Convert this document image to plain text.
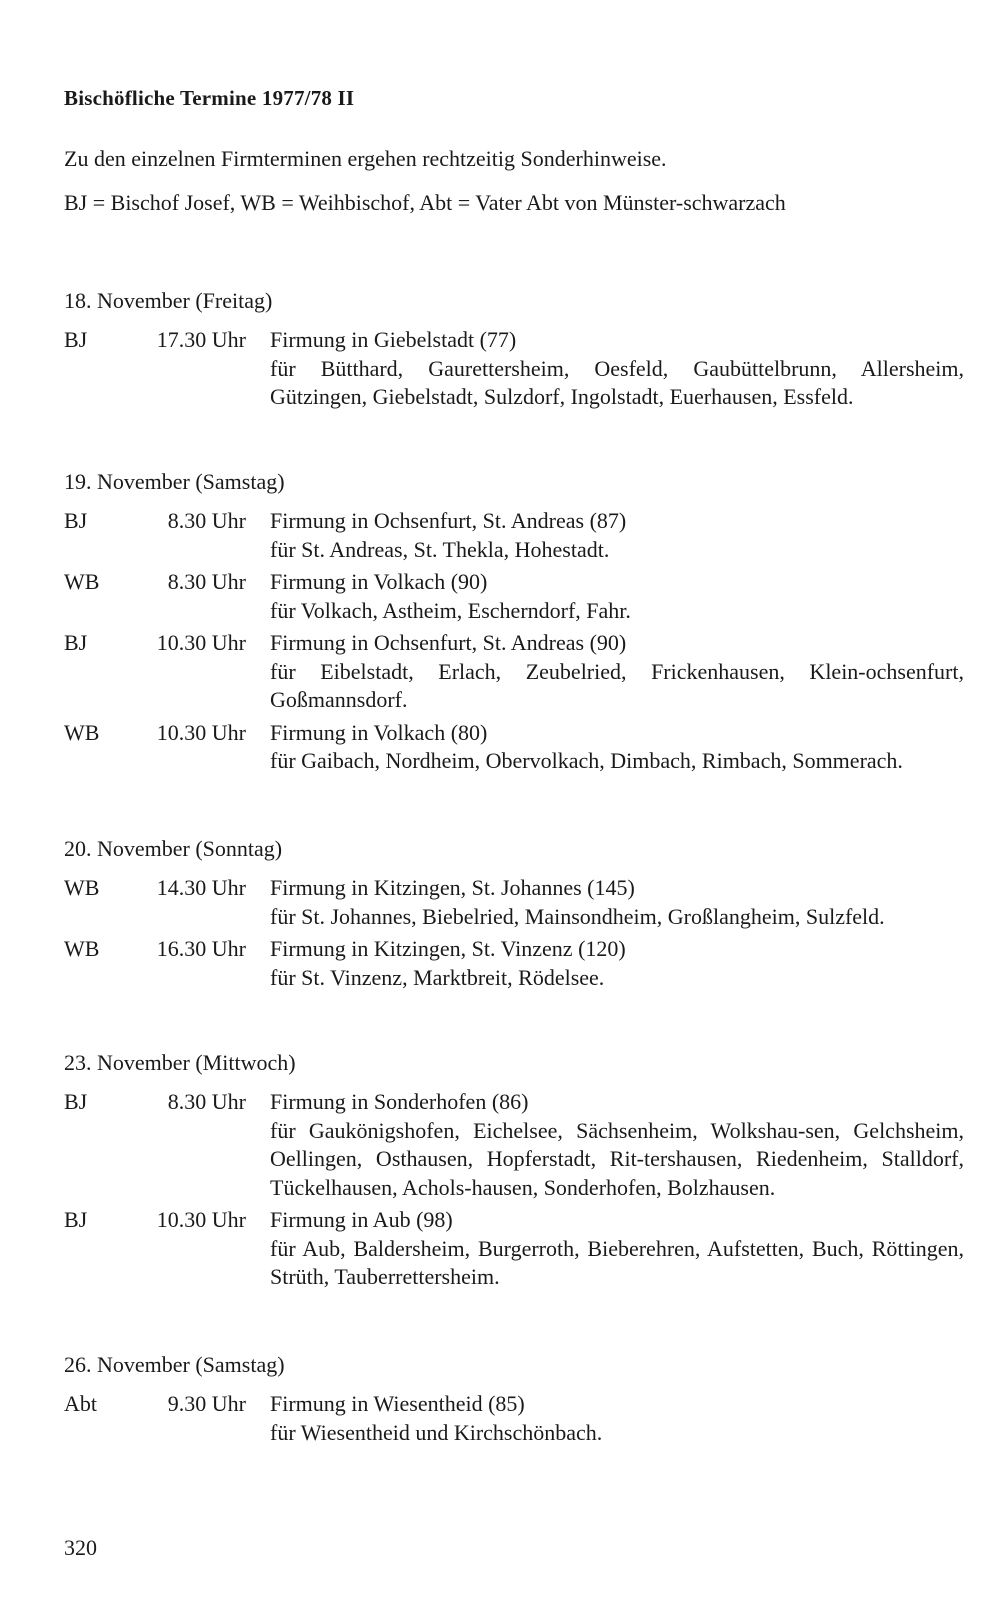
Bischöfliche Termine 1977/78 II
Zu den einzelnen Firmterminen ergehen rechtzeitig Sonderhinweise.
BJ = Bischof Josef, WB = Weihbischof, Abt = Vater Abt von Münster-schwarzach
18. November (Freitag)
BJ	17.30 Uhr	Firmung in Giebelstadt (77)
für Bütthard, Gaurettersheim, Oesfeld, Gaubüttelbrunn, Allersheim, Gützingen, Giebelstadt, Sulzdorf, Ingolstadt, Euerhausen, Essfeld.
19. November (Samstag)
BJ	8.30 Uhr	Firmung in Ochsenfurt, St. Andreas (87)
für St. Andreas, St. Thekla, Hohestadt.
WB	8.30 Uhr	Firmung in Volkach (90)
für Volkach, Astheim, Escherndorf, Fahr.
BJ	10.30 Uhr	Firmung in Ochsenfurt, St. Andreas (90)
für Eibelstadt, Erlach, Zeubelried, Frickenhausen, Klein-ochsenfurt, Goßmannsdorf.
WB	10.30 Uhr	Firmung in Volkach (80)
für Gaibach, Nordheim, Obervolkach, Dimbach, Rimbach, Sommerach.
20. November (Sonntag)
WB	14.30 Uhr	Firmung in Kitzingen, St. Johannes (145)
für St. Johannes, Biebelried, Mainsondheim, Großlangheim, Sulzfeld.
WB	16.30 Uhr	Firmung in Kitzingen, St. Vinzenz (120)
für St. Vinzenz, Marktbreit, Rödelsee.
23. November (Mittwoch)
BJ	8.30 Uhr	Firmung in Sonderhofen (86)
für Gaukönigshofen, Eichelsee, Sächsenheim, Wolkshau-sen, Gelchsheim, Oellingen, Osthausen, Hopferstadt, Rit-tershausen, Riedenheim, Stalldorf, Tückelhausen, Achols-hausen, Sonderhofen, Bolzhausen.
BJ	10.30 Uhr	Firmung in Aub (98)
für Aub, Baldersheim, Burgerroth, Bieberehren, Aufstetten, Buch, Röttingen, Strüth, Tauberrettersheim.
26. November (Samstag)
Abt	9.30 Uhr	Firmung in Wiesentheid (85)
für Wiesentheid und Kirchschönbach.
320
